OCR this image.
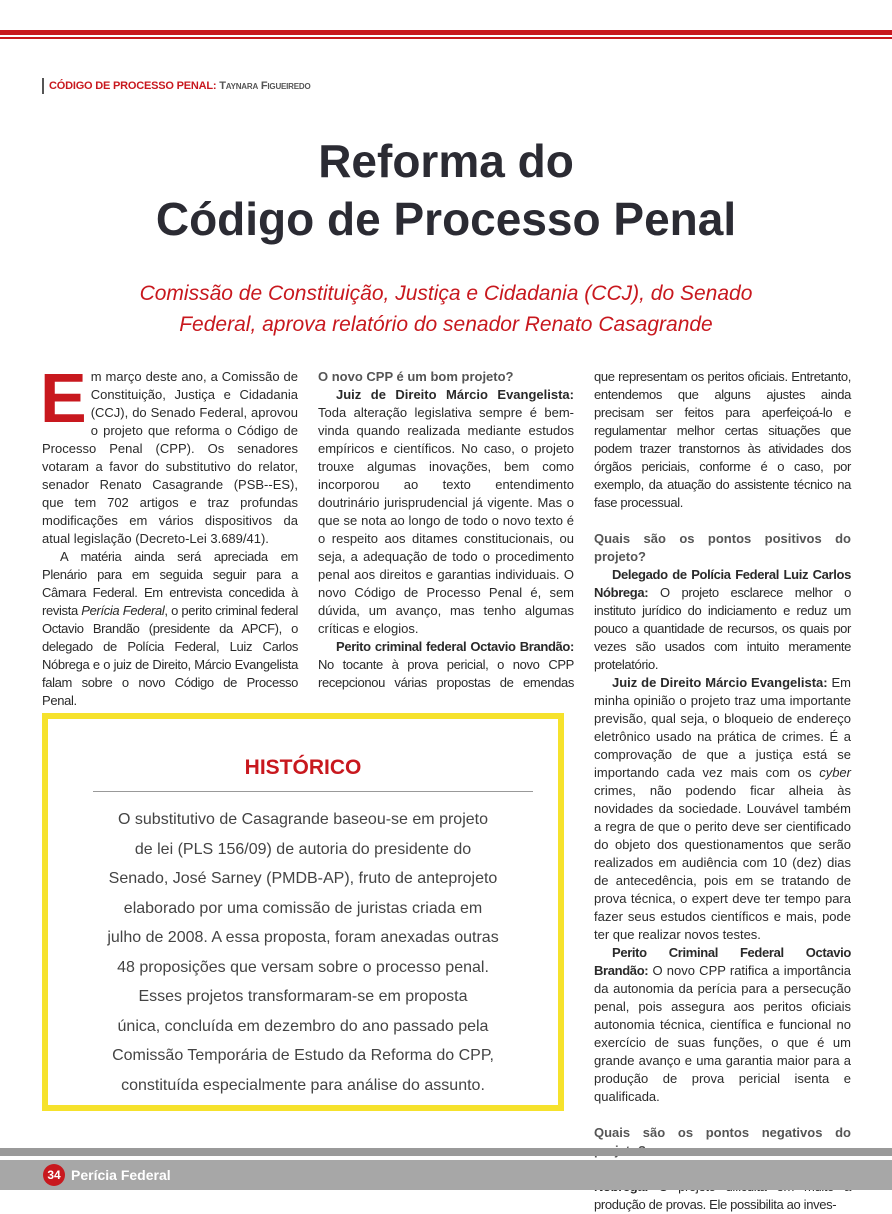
CÓDIGO DE PROCESSO PENAL: Taynara Figueiredo
Reforma do
Código de Processo Penal
Comissão de Constituição, Justiça e Cidadania (CCJ), do Senado
Federal, aprova relatório do senador Renato Casagrande

Em março deste ano, a Comissão de Constituição, Justiça e Cidadania (CCJ), do Senado Federal, aprovou o projeto que reforma o Código de Processo Penal (CPP). Os senadores votaram a favor do substitutivo do relator, senador Renato Casagrande (PSB--ES), que tem 702 artigos e traz profundas modificações em vários dispositivos da atual legislação (Decreto-Lei 3.689/41).

A matéria ainda será apreciada em Plenário para em seguida seguir para a Câmara Federal. Em entrevista concedida à revista Perícia Federal, o perito criminal federal Octavio Brandão (presidente da APCF), o delegado de Polícia Federal, Luiz Carlos Nóbrega e o juiz de Direito, Márcio Evangelista falam sobre o novo Código de Processo Penal.

O novo CPP é um bom projeto?

Juiz de Direito Márcio Evangelista: Toda alteração legislativa sempre é bem-vinda quando realizada mediante estudos empíricos e científicos. No caso, o projeto trouxe algumas inovações, bem como incorporou ao texto entendimento doutrinário jurisprudencial já vigente. Mas o que se nota ao longo de todo o novo texto é o respeito aos ditames constitucionais, ou seja, a adequação de todo o procedimento penal aos direitos e garantias individuais. O novo Código de Processo Penal é, sem dúvida, um avanço, mas tenho algumas críticas e elogios.

Perito criminal federal Octavio Brandão: No tocante à prova pericial, o novo CPP recepcionou várias propostas de emendas

que representam os peritos oficiais. Entretanto, entendemos que alguns ajustes ainda precisam ser feitos para aperfeiçoá-lo e regulamentar melhor certas situações que podem trazer transtornos às atividades dos órgãos periciais, conforme é o caso, por exemplo, da atuação do assistente técnico na fase processual.

Quais são os pontos positivos do projeto?

Delegado de Polícia Federal Luiz Carlos Nóbrega: O projeto esclarece melhor o instituto jurídico do indiciamento e reduz um pouco a quantidade de recursos, os quais por vezes são usados com intuito meramente protelatório.

Juiz de Direito Márcio Evangelista: Em minha opinião o projeto traz uma importante previsão, qual seja, o bloqueio de endereço eletrônico usado na prática de crimes. É a comprovação de que a justiça está se importando cada vez mais com os cyber crimes, não podendo ficar alheia às novidades da sociedade. Louvável também a regra de que o perito deve ser cientificado do objeto dos questionamentos que serão realizados em audiência com 10 (dez) dias de antecedência, pois em se tratando de prova técnica, o expert deve ter tempo para fazer seus estudos científicos e mais, pode ter que realizar novos testes.

Perito Criminal Federal Octavio Brandão: O novo CPP ratifica a importância da autonomia da perícia para a persecução penal, pois assegura aos peritos oficiais autonomia técnica, científica e funcional no exercício de suas funções, o que é um grande avanço e uma garantia maior para a produção de prova pericial isenta e qualificada.

Quais são os pontos negativos do

produção de provas. Ele possibilita ao inves-

HISTÓRICO
O substitutivo de Casagrande baseou-se em projeto
de lei (PLS 156/09) de autoria do presidente do
Senado, José Sarney (PMDB-AP), fruto de anteprojeto
elaborado por uma comissão de juristas criada em
julho de 2008. A essa proposta, foram anexadas outras
48 proposições que versam sobre o processo penal.
Esses projetos transformaram-se em proposta
única, concluída em dezembro do ano passado pela
Comissão Temporária de Estudo da Reforma do CPP,
constituída especialmente para análise do assunto.
34 Perícia Federal
